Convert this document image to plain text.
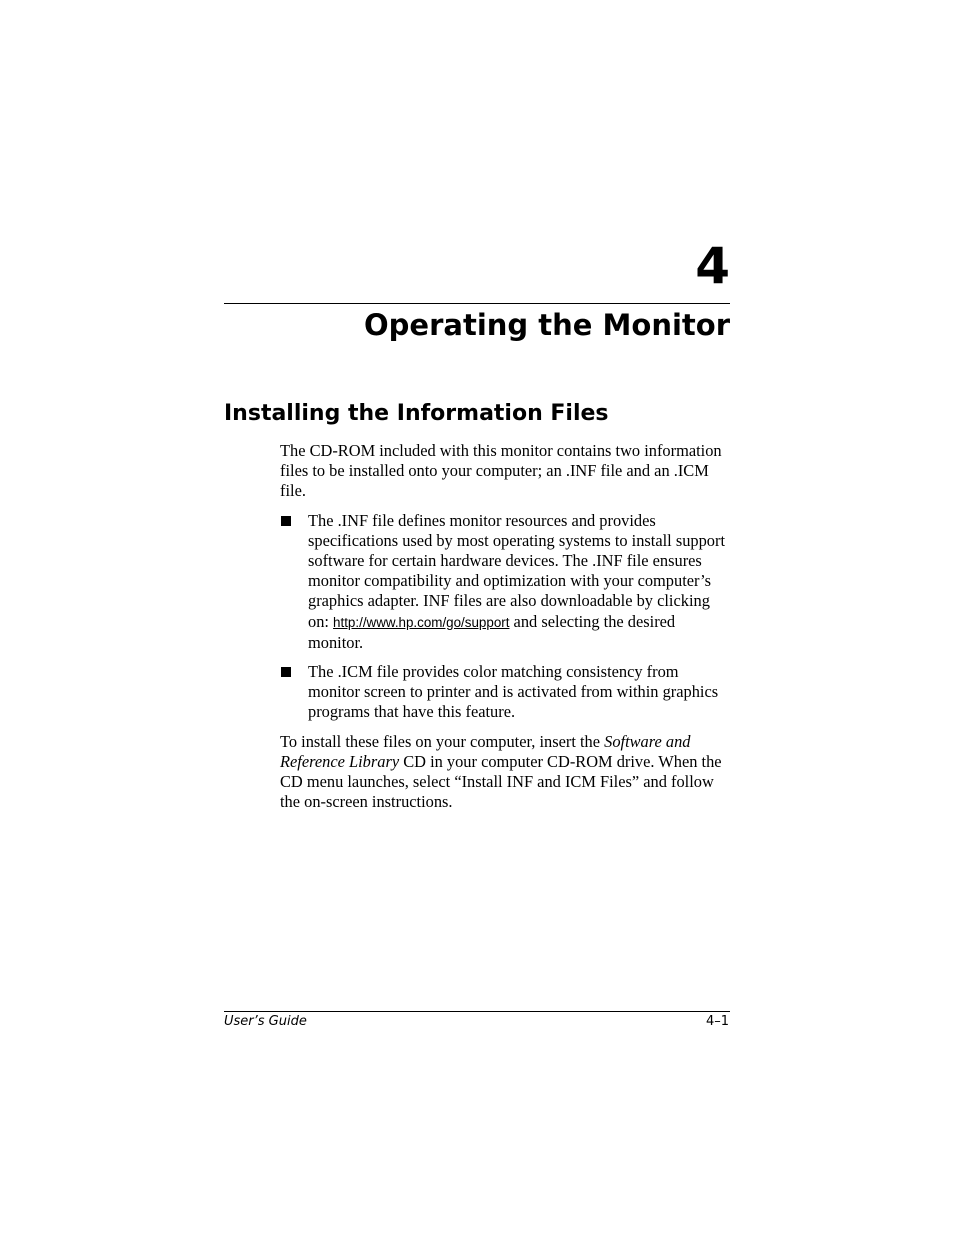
4
Operating the Monitor
Installing the Information Files

The CD-ROM included with this monitor contains two information files to be installed onto your computer; an .INF file and an .ICM file.

The .INF file defines monitor resources and provides specifications used by most operating systems to install support software for certain hardware devices. The .INF file ensures monitor compatibility and optimization with your computer’s graphics adapter. INF files are also downloadable by clicking on: http://www.hp.com/go/support and selecting the desired monitor.
The .ICM file provides color matching consistency from monitor screen to printer and is activated from within graphics programs that have this feature.

To install these files on your computer, insert the Software and Reference Library CD in your computer CD-ROM drive. When the CD menu launches, select “Install INF and ICM Files” and follow the on-screen instructions.

User’s Guide	4–1
